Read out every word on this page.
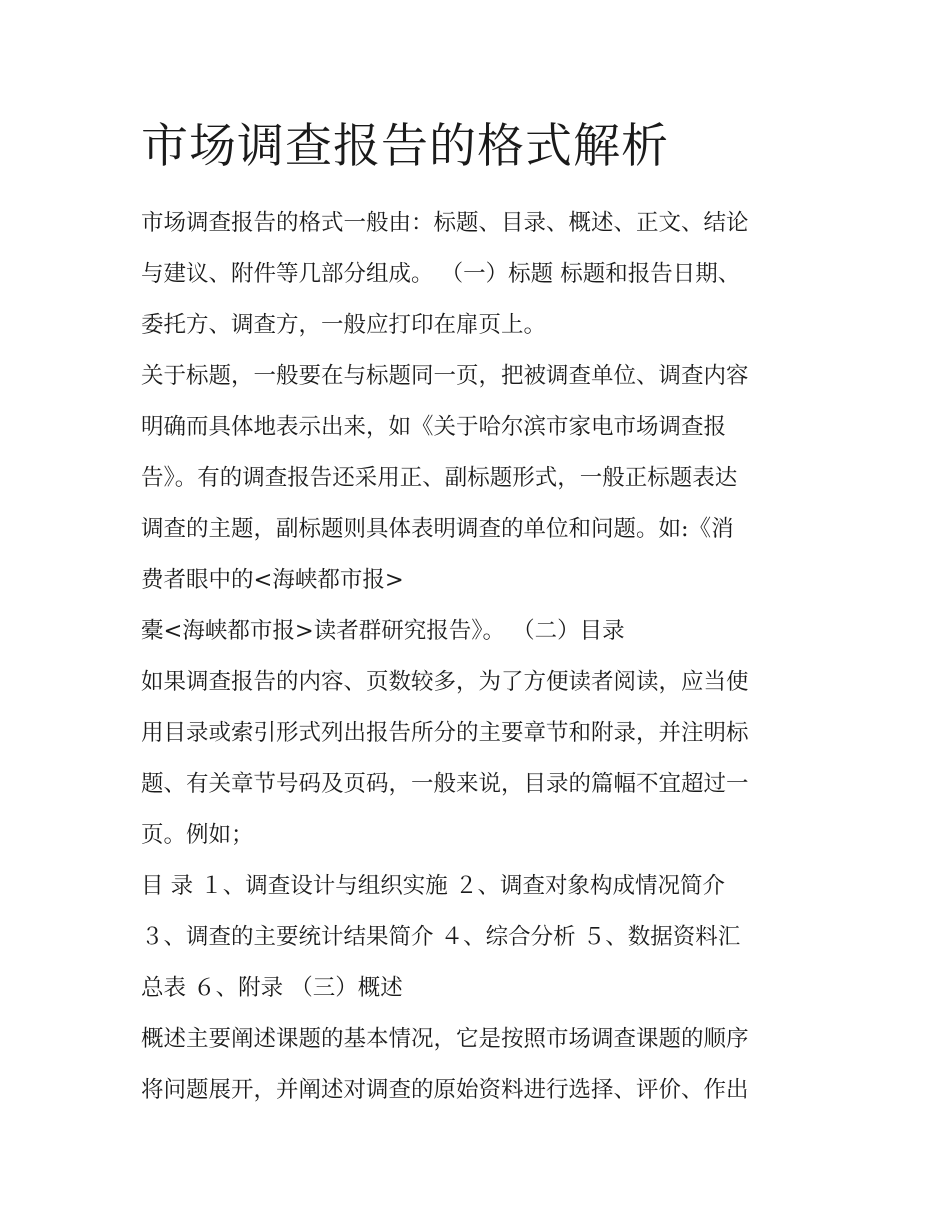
市场调查报告的格式解析
市场调查报告的格式一般由：标题、目录、概述、正文、结论
与建议、附件等几部分组成。 （一）标题 标题和报告日期、
委托方、调查方，一般应打印在扉页上。
关于标题，一般要在与标题同一页，把被调查单位、调查内容
明确而具体地表示出来，如《关于哈尔滨市家电市场调查报
告》。有的调查报告还采用正、副标题形式，一般正标题表达
调查的主题，副标题则具体表明调查的单位和问题。如:《消
费者眼中的<海峡都市报>
橐<海峡都市报>读者群研究报告》。 （二）目录
如果调查报告的内容、页数较多，为了方便读者阅读，应当使
用目录或索引形式列出报告所分的主要章节和附录，并注明标
题、有关章节号码及页码，一般来说，目录的篇幅不宜超过一
页。例如；
目 录 １、调查设计与组织实施 ２、调查对象构成情况简介
３、调查的主要统计结果简介 ４、综合分析 ５、数据资料汇
总表 ６、附录 （三）概述
概述主要阐述课题的基本情况，它是按照市场调查课题的顺序
将问题展开，并阐述对调查的原始资料进行选择、评价、作出
